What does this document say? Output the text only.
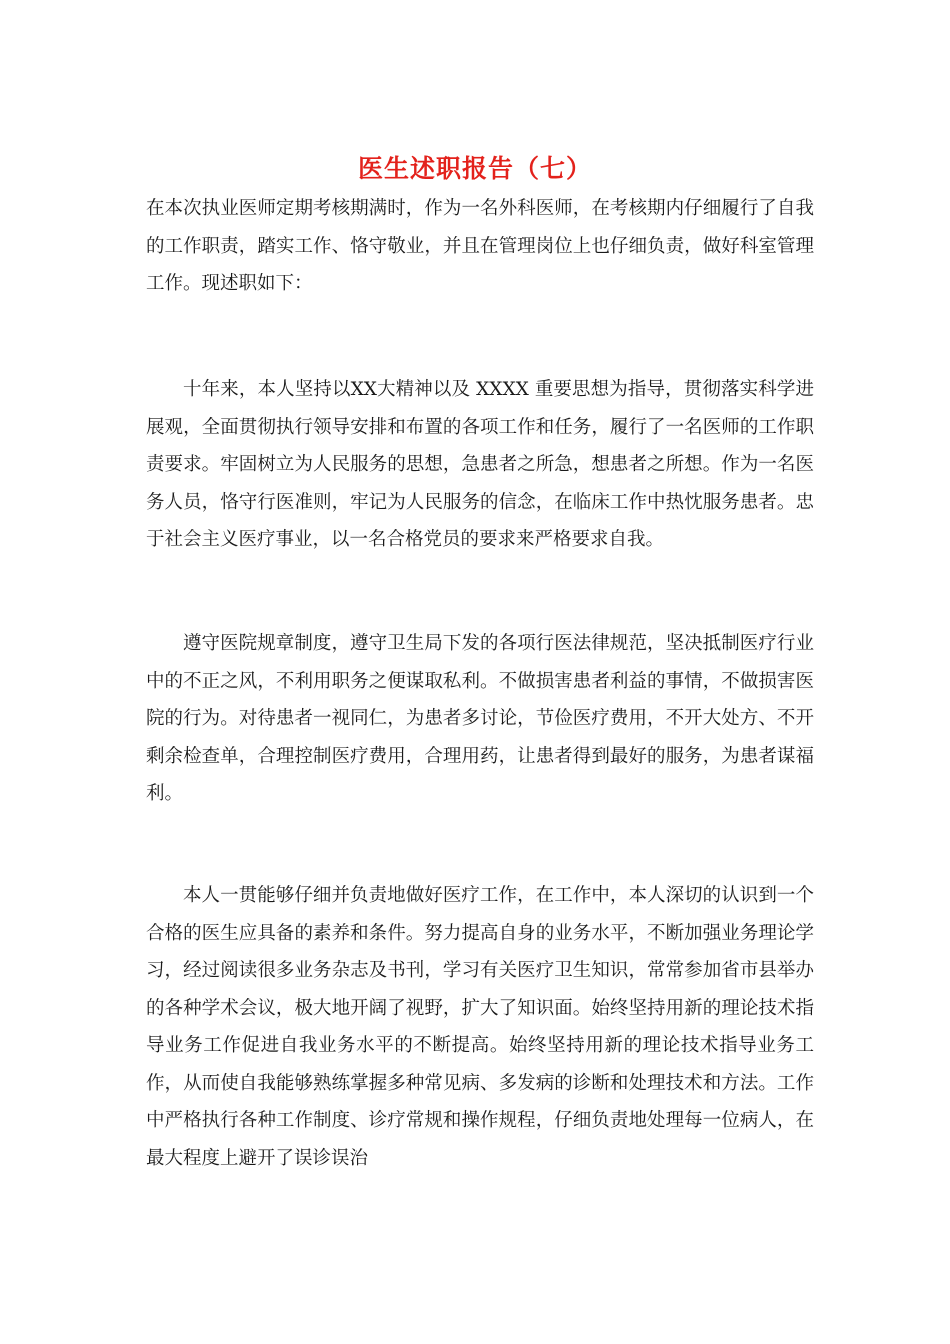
医生述职报告（七）

在本次执业医师定期考核期满时，作为一名外科医师，在考核期内仔细履行了自我的工作职责，踏实工作、恪守敬业，并且在管理岗位上也仔细负责，做好科室管理工作。现述职如下：

十年来，本人坚持以XX大精神以及 XXXX 重要思想为指导，贯彻落实科学进展观，全面贯彻执行领导安排和布置的各项工作和任务，履行了一名医师的工作职责要求。牢固树立为人民服务的思想，急患者之所急，想患者之所想。作为一名医务人员，恪守行医准则，牢记为人民服务的信念，在临床工作中热忱服务患者。忠于社会主义医疗事业，以一名合格党员的要求来严格要求自我。

遵守医院规章制度，遵守卫生局下发的各项行医法律规范，坚决抵制医疗行业中的不正之风，不利用职务之便谋取私利。不做损害患者利益的事情，不做损害医院的行为。对待患者一视同仁，为患者多讨论，节俭医疗费用，不开大处方、不开剩余检查单，合理控制医疗费用，合理用药，让患者得到最好的服务，为患者谋福利。

本人一贯能够仔细并负责地做好医疗工作，在工作中，本人深切的认识到一个合格的医生应具备的素养和条件。努力提高自身的业务水平，不断加强业务理论学习，经过阅读很多业务杂志及书刊，学习有关医疗卫生知识，常常参加省市县举办的各种学术会议，极大地开阔了视野，扩大了知识面。始终坚持用新的理论技术指导业务工作促进自我业务水平的不断提高。始终坚持用新的理论技术指导业务工作，从而使自我能够熟练掌握多种常见病、多发病的诊断和处理技术和方法。工作中严格执行各种工作制度、诊疗常规和操作规程，仔细负责地处理每一位病人，在最大程度上避开了误诊误治
